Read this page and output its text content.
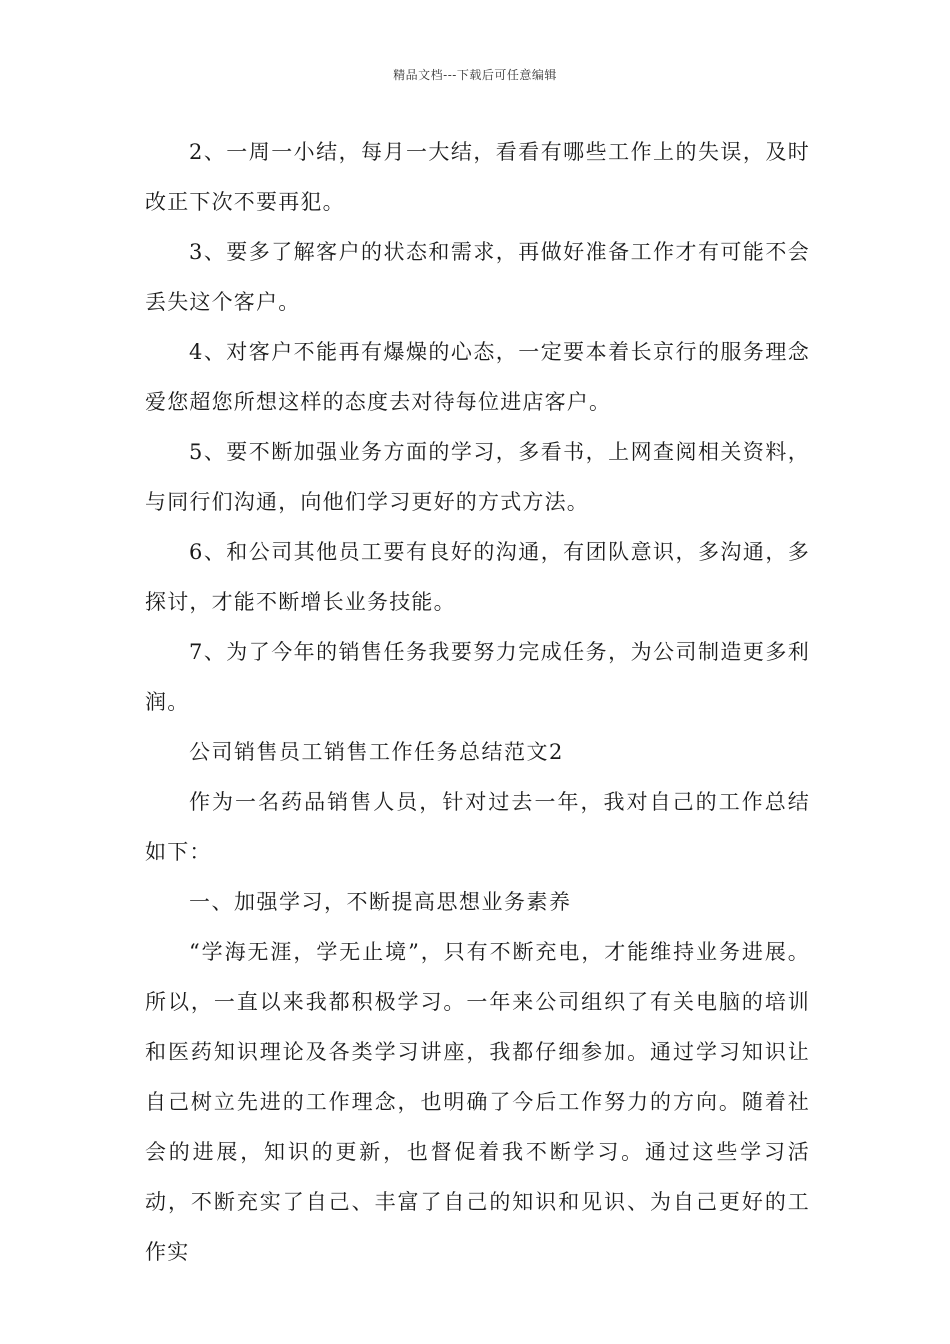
精品文档---下载后可任意编辑

2、一周一小结，每月一大结，看看有哪些工作上的失误，及时改正下次不要再犯。

3、要多了解客户的状态和需求，再做好准备工作才有可能不会丢失这个客户。

4、对客户不能再有爆燥的心态，一定要本着长京行的服务理念爱您超您所想这样的态度去对待每位进店客户。

5、要不断加强业务方面的学习，多看书，上网查阅相关资料，与同行们沟通，向他们学习更好的方式方法。

6、和公司其他员工要有良好的沟通，有团队意识，多沟通，多探讨，才能不断增长业务技能。

7、为了今年的销售任务我要努力完成任务，为公司制造更多利润。

公司销售员工销售工作任务总结范文2

作为一名药品销售人员，针对过去一年，我对自己的工作总结如下：

一、加强学习，不断提高思想业务素养

“学海无涯，学无止境”，只有不断充电，才能维持业务进展。所以，一直以来我都积极学习。一年来公司组织了有关电脑的培训和医药知识理论及各类学习讲座，我都仔细参加。通过学习知识让自己树立先进的工作理念，也明确了今后工作努力的方向。随着社会的进展，知识的更新，也督促着我不断学习。通过这些学习活动，不断充实了自己、丰富了自己的知识和见识、为自己更好的工作实
